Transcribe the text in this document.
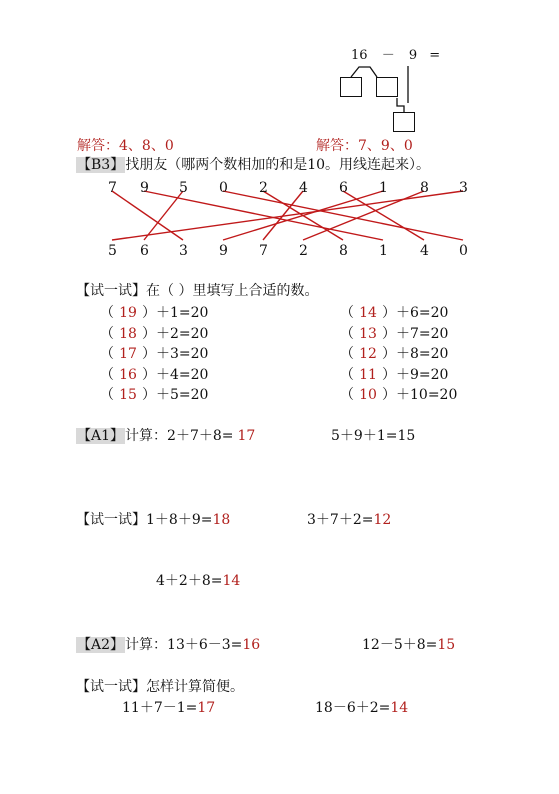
16 － 9 =
解答：4、8、0	解答：7、9、0
【B3】找朋友（哪两个数相加的和是10。用线连起来）。
7 9 5 0 2 4 6 1 8 3
5 6 3 9 7 2 8 1 4 0
【试一试】在（ ）里填写上合适的数。
（ 19 ）＋1=20
（ 18 ）＋2=20
（ 17 ）＋3=20
（ 16 ）＋4=20
（ 15 ）＋5=20
（ 14 ）＋6=20
（ 13 ）＋7=20
（ 12 ）＋8=20
（ 11 ）＋9=20
（ 10 ）＋10=20
【A1】计算：2＋7＋8= 17	5＋9＋1=15
【试一试】1＋8＋9=18	3＋7＋2=12
4＋2＋8=14
【A2】计算：13＋6－3=16	12－5＋8=15
【试一试】怎样计算简便。
11＋7－1=17	18－6＋2=14
